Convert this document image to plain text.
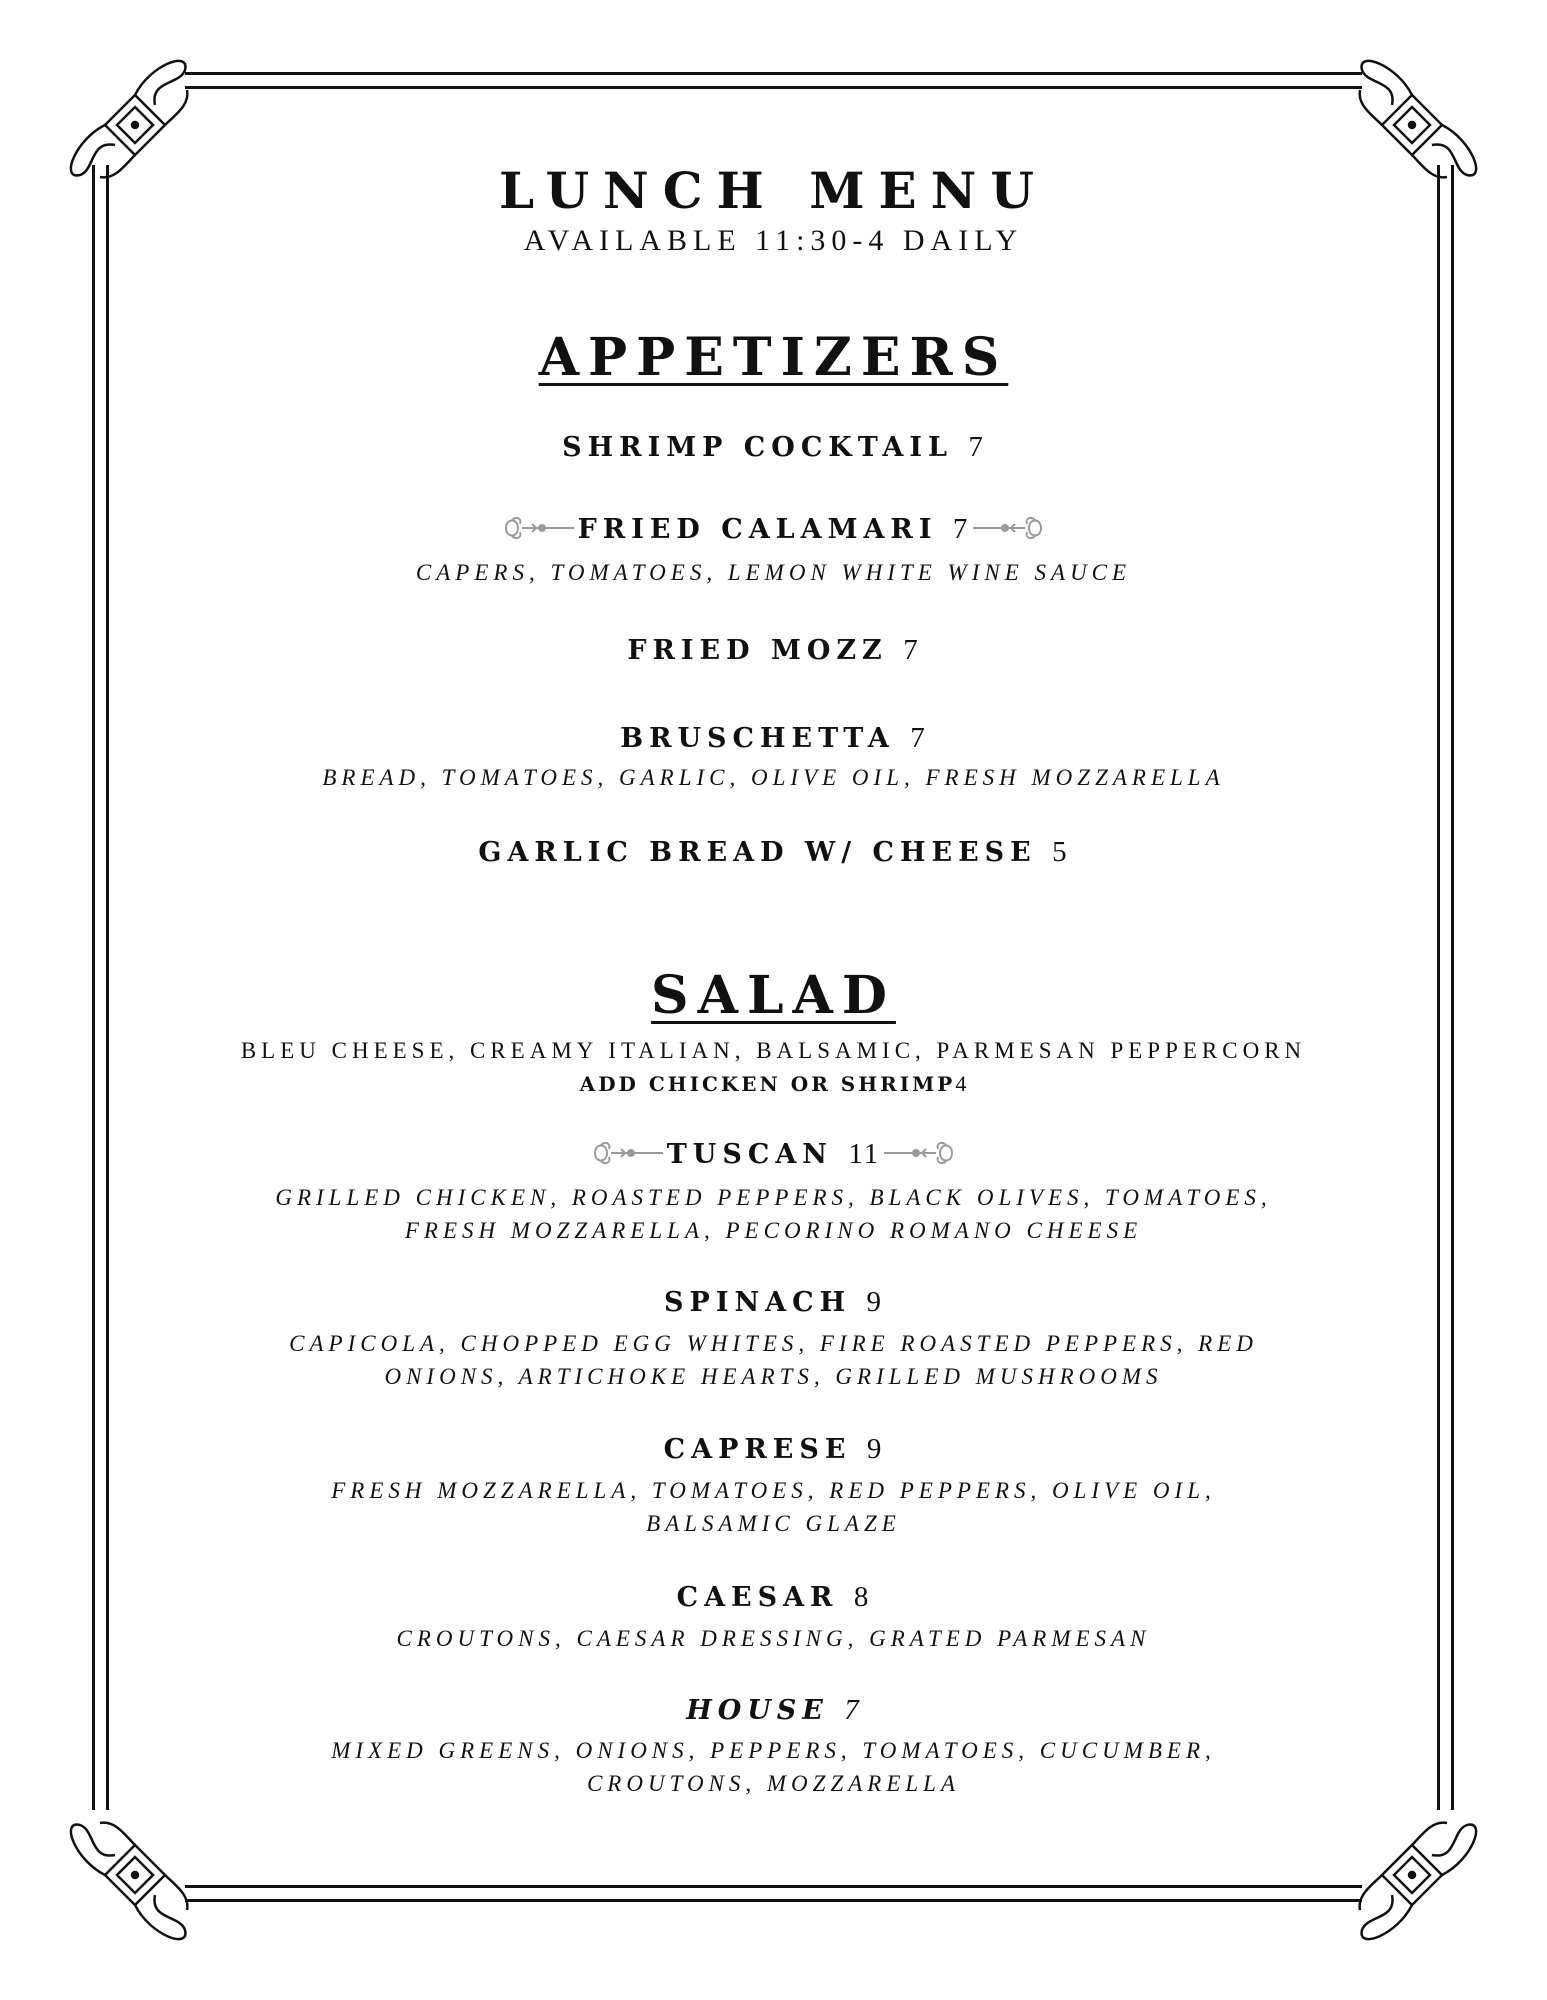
LUNCH MENU
AVAILABLE 11:30-4 DAILY
APPETIZERS
SHRIMP COCKTAIL 7
FRIED CALAMARI 7
CAPERS, TOMATOES, LEMON WHITE WINE SAUCE
FRIED MOZZ 7
BRUSCHETTA 7
BREAD, TOMATOES, GARLIC, OLIVE OIL, FRESH MOZZARELLA
GARLIC BREAD W/ CHEESE 5
SALAD
BLEU CHEESE, CREAMY ITALIAN, BALSAMIC, PARMESAN PEPPERCORN
ADD CHICKEN OR SHRIMP4
TUSCAN 11
GRILLED CHICKEN, ROASTED PEPPERS, BLACK OLIVES, TOMATOES,
FRESH MOZZARELLA, PECORINO ROMANO CHEESE
SPINACH 9
CAPICOLA, CHOPPED EGG WHITES, FIRE ROASTED PEPPERS, RED
ONIONS, ARTICHOKE HEARTS, GRILLED MUSHROOMS
CAPRESE 9
FRESH MOZZARELLA, TOMATOES, RED PEPPERS, OLIVE OIL,
BALSAMIC GLAZE
CAESAR 8
CROUTONS, CAESAR DRESSING, GRATED PARMESAN
HOUSE 7
MIXED GREENS, ONIONS, PEPPERS, TOMATOES, CUCUMBER,
CROUTONS, MOZZARELLA
